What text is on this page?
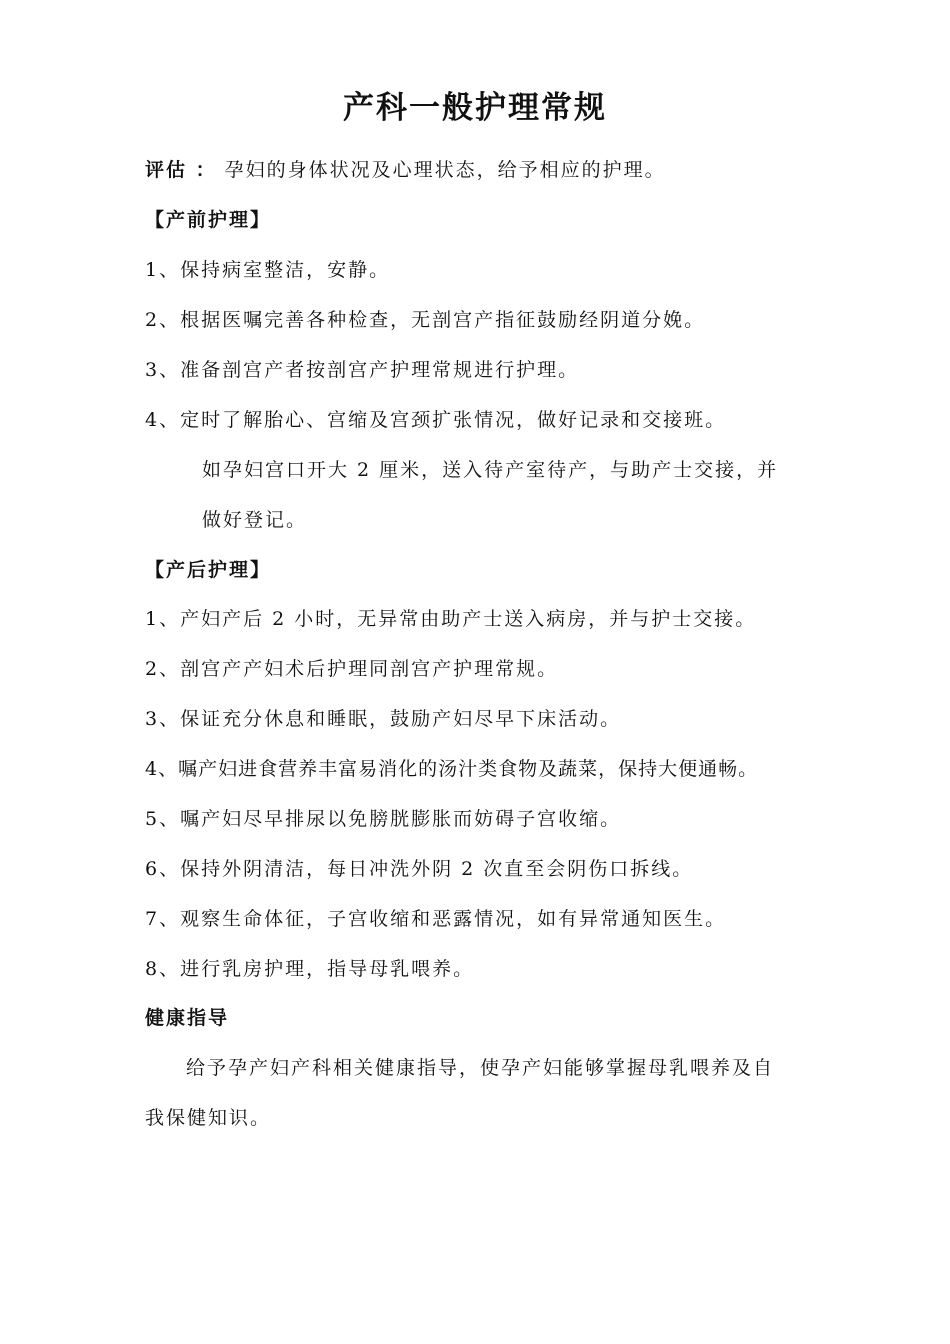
产科一般护理常规
评估 ： 孕妇的身体状况及心理状态，给予相应的护理。
【产前护理】
1、保持病室整洁，安静。
2、根据医嘱完善各种检查，无剖宫产指征鼓励经阴道分娩。
3、准备剖宫产者按剖宫产护理常规进行护理。
4、定时了解胎心、宫缩及宫颈扩张情况，做好记录和交接班。
如孕妇宫口开大 2 厘米，送入待产室待产，与助产士交接，并
做好登记。
【产后护理】
1、产妇产后 2 小时，无异常由助产士送入病房，并与护士交接。
2、剖宫产产妇术后护理同剖宫产护理常规。
3、保证充分休息和睡眠，鼓励产妇尽早下床活动。
4、嘱产妇进食营养丰富易消化的汤汁类食物及蔬菜，保持大便通畅。
5、嘱产妇尽早排尿以免膀胱膨胀而妨碍子宫收缩。
6、保持外阴清洁，每日冲洗外阴 2 次直至会阴伤口拆线。
7、观察生命体征，子宫收缩和恶露情况，如有异常通知医生。
8、进行乳房护理，指导母乳喂养。
健康指导
给予孕产妇产科相关健康指导，使孕产妇能够掌握母乳喂养及自
我保健知识。
